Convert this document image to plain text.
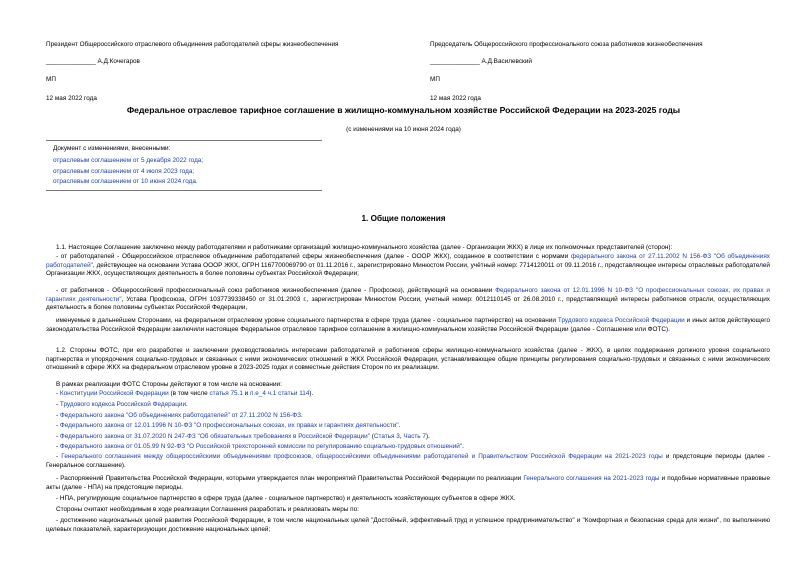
Президент Общероссийского отраслевого объединения работодателей сферы жизнеобеспечения
______________ А.Д.Кочегаров
МП
12 мая 2022 года
Председатель Общероссийского профессионального союза работников жизнеобеспечения
______________ А.Д.Василевский
МП
12 мая 2022 года
Федеральное отраслевое тарифное соглашение в жилищно-коммунальном хозяйстве Российской Федерации на 2023-2025 годы
(с изменениями на 10 июня 2024 года)
Документ с изменениями, внесенными:
отраслевым соглашением от 5 декабря 2022 года;
отраслевым соглашением от 4 июля 2023 года;
отраслевым соглашением от 10 июня 2024 года.
1. Общие положения
1.1. Настоящее Соглашение заключено между работодателями и работниками организаций жилищно-коммунального хозяйства (далее - Организации ЖКХ) в лице их полномочных представителей (сторон):
- от работодателей - Общероссийское отраслевое объединение работодателей сферы жизнеобеспечения (далее - ОООР ЖКХ), созданное в соответствии с нормами федерального закона от 27.11.2002 N 156-ФЗ "Об объединениях работодателей", действующее на основании Устава ОООР ЖКХ, ОГРН 1167700069790 от 01.11.2016 г., зарегистрировано Минюстом России, учётный номер: 7714120011 от 09.11.2016 г., представляющее интересы отраслевых работодателей Организации ЖКХ, осуществляющих деятельность в более половины субъектах Российской Федерации;
- от работников - Общероссийский профессиональный союз работников жизнеобеспечения (далее - Профсоюз), действующий на основании Федерального закона от 12.01.1996 N 10-ФЗ "О профессиональных союзах, их правах и гарантиях деятельности", Устава Профсоюза, ОГРН 1037739338450 от 31.01.2003 г., зарегистрирован Минюстом России, учетный номер: 0012110145 от 26.08.2010 г., представляющий интересы работников отрасли, осуществляющих деятельность в более половины субъектах Российской Федерации,
именуемые в дальнейшем Сторонами, на федеральном отраслевом уровне социального партнерства в сфере труда (далее - социальное партнерство) на основании Трудового кодекса Российской Федерации и иных актов действующего законодательства Российской Федерации заключили настоящее Федеральное отраслевое тарифное соглашение в жилищно-коммунальном хозяйстве Российской Федерации (далее - Соглашение или ФОТС).
1.2. Стороны ФОТС, при его разработке и заключении руководствовались интересами работодателей и работников сферы жилищно-коммунального хозяйства (далее - ЖКХ), в целях поддержания должного уровня социального партнерства и упорядочения социально-трудовых и связанных с ними экономических отношений в ЖКХ Российской Федерации, устанавливающее общие принципы регулирования социально-трудовых и связанных с ними экономических отношений в сфере ЖКХ на федеральном отраслевом уровне в 2023-2025 годах и совместные действия Сторон по их реализации.
В рамках реализации ФОТС Стороны действуют в том числе на основании:
- Конституции Российской Федерации (в том числе статья 75.1 и п.е_4 ч.1 статьи 114).
- Трудового кодекса Российской Федерации.
- Федерального закона "Об объединениях работодателей" от 27.11.2002 N 156-ФЗ.
- Федерального закона от 12.01.1996 N 10-ФЗ "О профессиональных союзах, их правах и гарантиях деятельности".
- Федерального закона от 31.07.2020 N 247-ФЗ "Об обязательных требованиях в Российской Федерации" (Статья 3, Часть 7).
- Федерального закона от 01.05.99 N 92-ФЗ "О Российской трехсторонней комиссии по регулированию социально-трудовых отношений".
- Генерального соглашения между общероссийскими объединениями профсоюзов, общероссийскими объединениями работодателей и Правительством Российской Федерации на 2021-2023 годы и предстоящие периоды (далее - Генеральное соглашение).
- Распоряжений Правительства Российской Федерации, которыми утверждается план мероприятий Правительства Российской Федерации по реализации Генерального соглашения на 2021-2023 годы и подобные нормативные правовые акты (далее - НПА) на предстоящие периоды.
- НПА, регулирующие социальное партнерство в сфере труда (далее - социальное партнерство) и деятельность хозяйствующих субъектов в сфере ЖКХ.
Стороны считают необходимым в ходе реализации Соглашения разработать и реализовать меры по:
- достижению национальных целей развития Российской Федерации, в том числе национальных целей "Достойный, эффективный труд и успешное предпринимательство" и "Комфортная и безопасная среда для жизни", по выполнению целевых показателей, характеризующих достижение национальных целей;
